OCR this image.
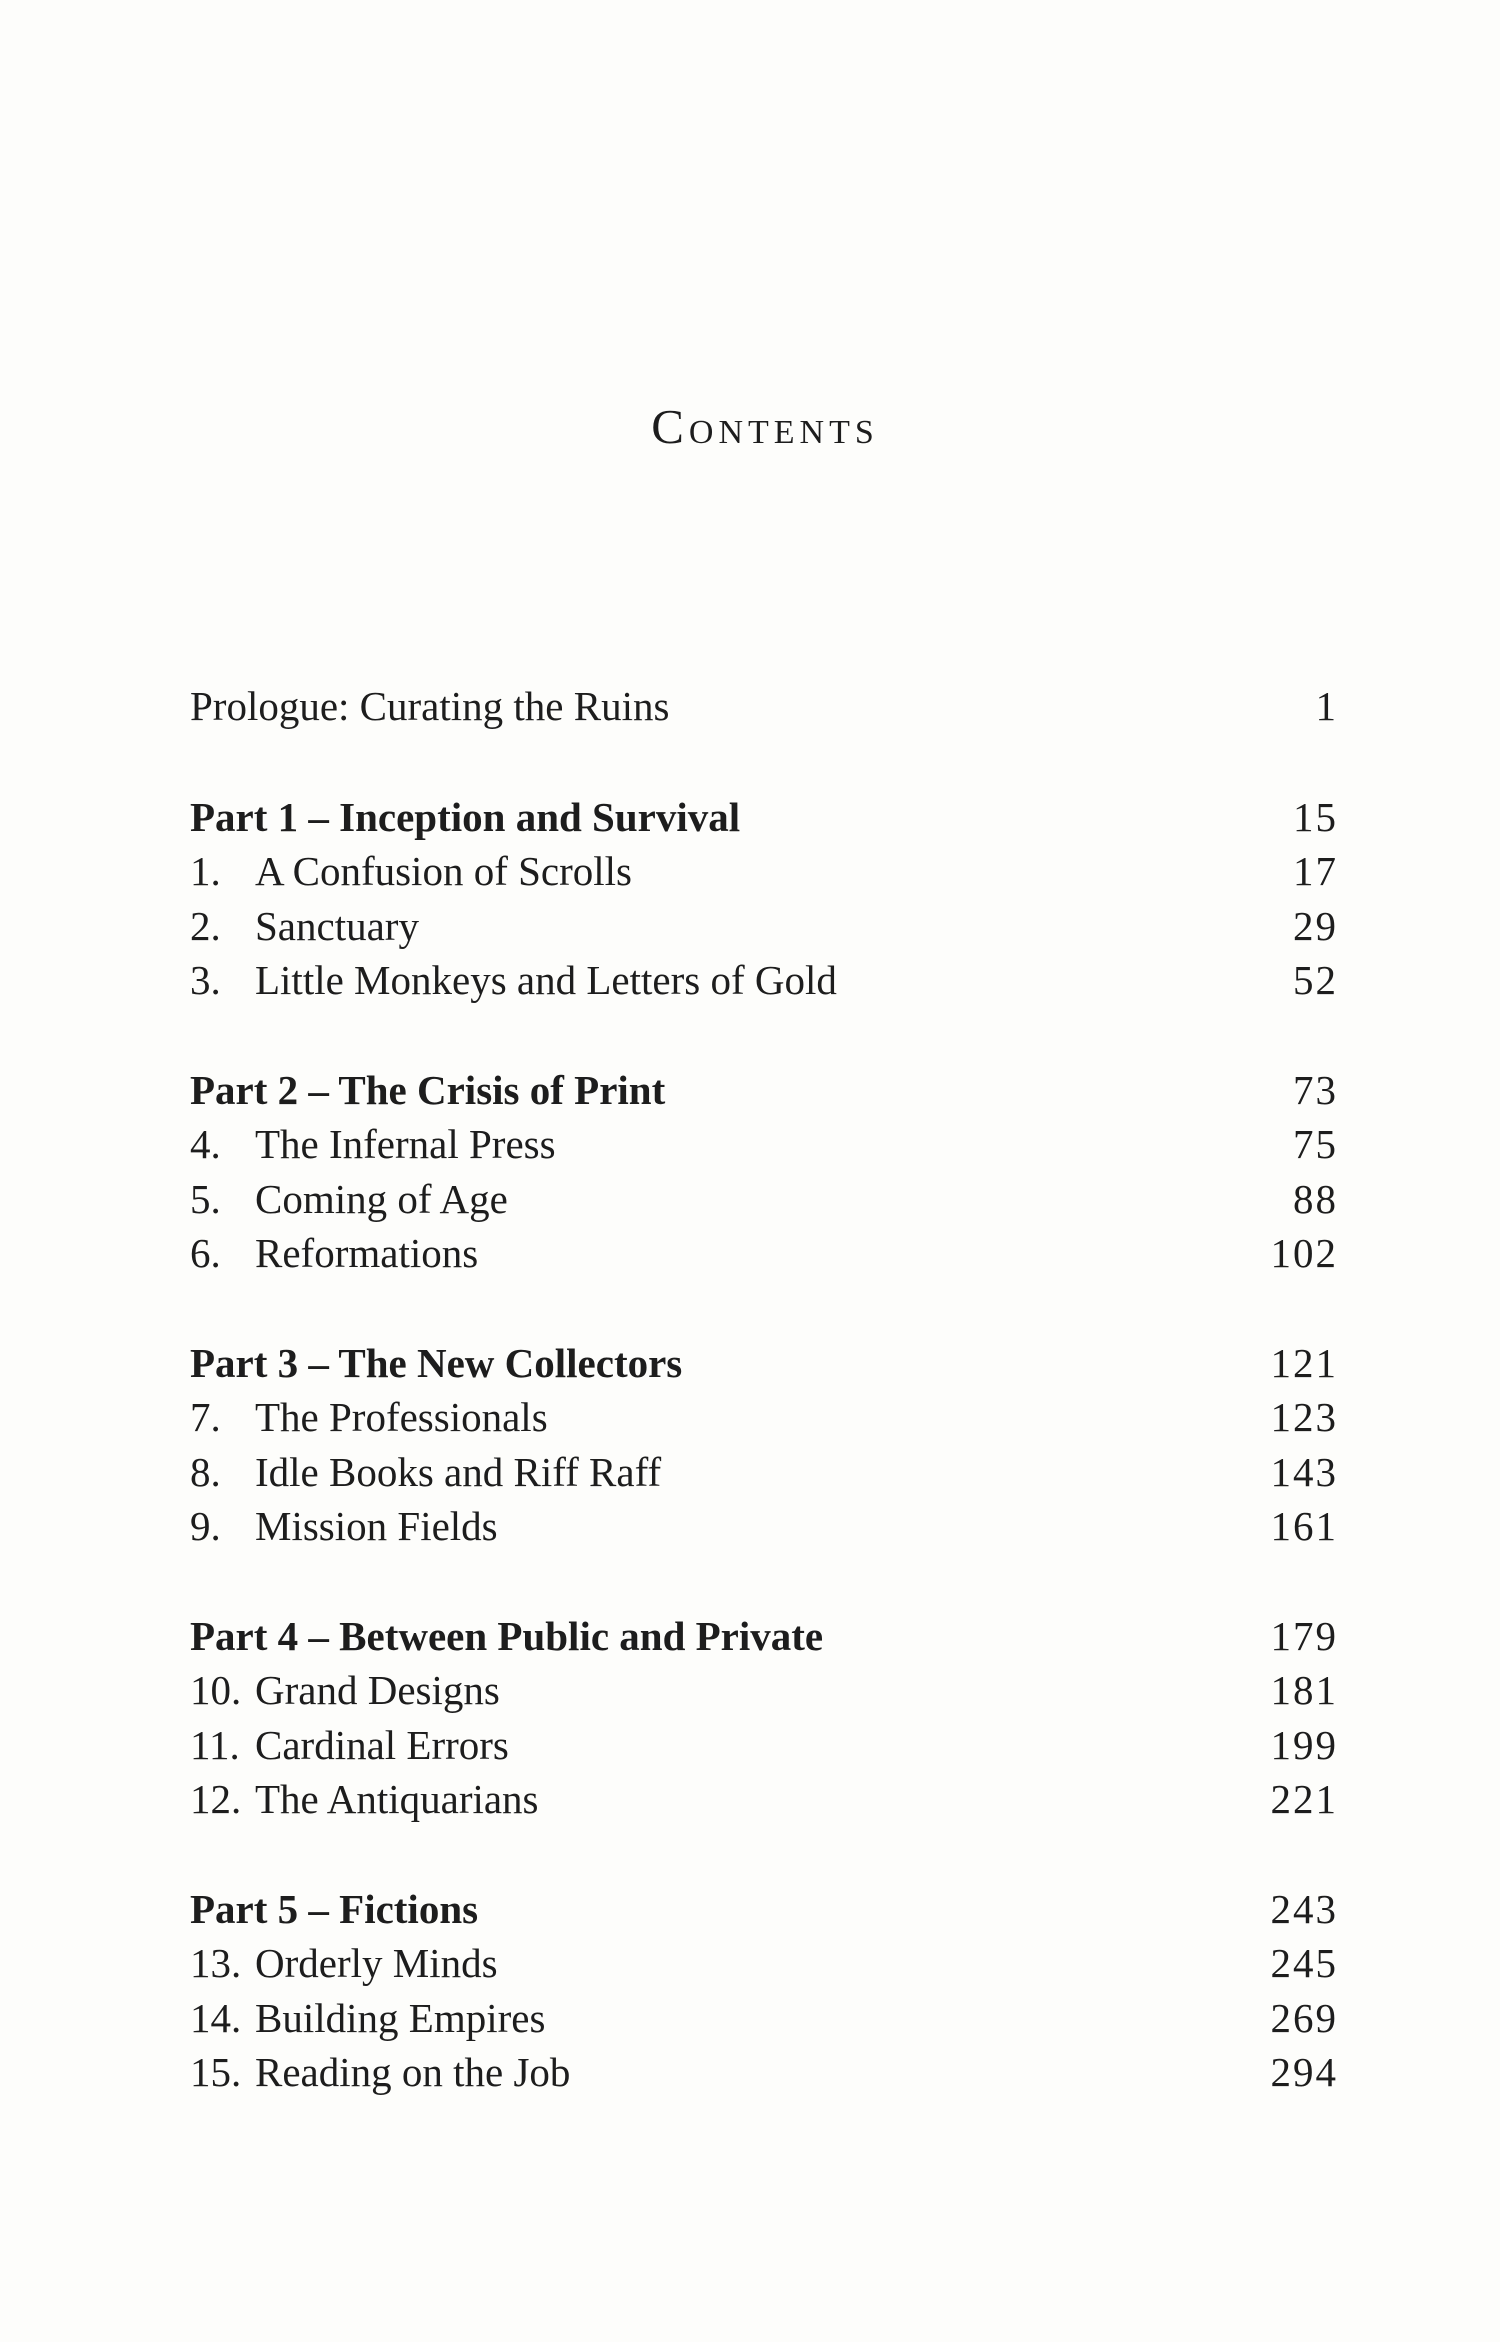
Contents
Prologue: Curating the Ruins	1
Part 1 – Inception and Survival	15
1. A Confusion of Scrolls	17
2. Sanctuary	29
3. Little Monkeys and Letters of Gold	52
Part 2 – The Crisis of Print	73
4. The Infernal Press	75
5. Coming of Age	88
6. Reformations	102
Part 3 – The New Collectors	121
7. The Professionals	123
8. Idle Books and Riff Raff	143
9. Mission Fields	161
Part 4 – Between Public and Private	179
10. Grand Designs	181
11. Cardinal Errors	199
12. The Antiquarians	221
Part 5 – Fictions	243
13. Orderly Minds	245
14. Building Empires	269
15. Reading on the Job	294
